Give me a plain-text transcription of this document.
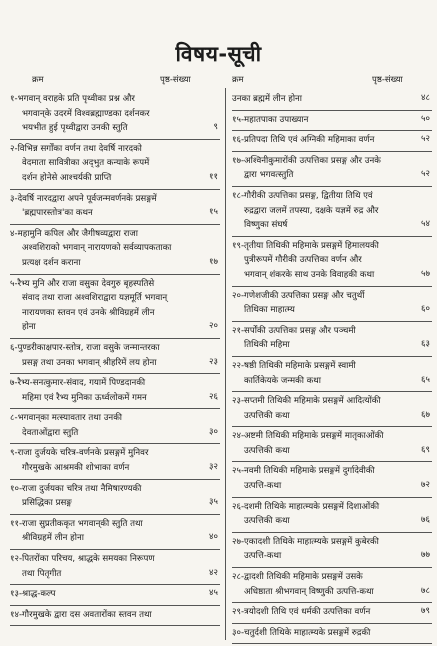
विषय-सूची
क्रम	पृष्ठ-संख्या	क्रम	पृष्ठ-संख्या
१-भगवान् वराहके प्रति पृथ्वीका प्रश्न और
भगवान्‌के उदरमें विश्वब्रह्माण्डका दर्शनकर
भयभीत हुई पृथ्वीद्वारा उनकी स्तुति	९
२-विभिन्न सर्गोंका वर्णन तथा देवर्षि नारदको
वेदमाता सावित्रीका अद्‌भुत कन्याके रूपमें
दर्शन होनेसे आश्चर्यकी प्राप्ति	११
३-देवर्षि नारदद्वारा अपने पूर्वजन्मवर्णनके प्रसङ्गमें
'ब्रह्मपारस्तोत्र'का कथन	१५
४-महामुनि कपिल और जैगीषव्यद्वारा राजा
अश्वशिराको भगवान् नारायणको सर्वव्यापकताका
प्रत्यक्ष दर्शन कराना	१७
५-रैभ्य मुनि और राजा वसुका देवगुरु बृहस्पतिसे
संवाद तथा राजा अश्वशिराद्वारा यज्ञमूर्ति भगवान्
नारायणका स्तवन एवं उनके श्रीविग्रहमें लीन
होना	२०
६-पुण्डरीकाक्षपार-स्तोत्र, राजा वसुके जन्मान्तरका
प्रसङ्ग तथा उनका भगवान् श्रीहरिमें लय होना	२३
७-रैभ्य-सनत्कुमार-संवाद, गयामें पिण्डदानकी
महिमा एवं रैभ्य मुनिका ऊर्ध्वलोकमें गमन	२६
८-भगवान्‌का मत्स्यावतार तथा उनकी
देवताओंद्वारा स्तुति	३०
९-राजा दुर्जयके चरित्र-वर्णनके प्रसङ्गमें मुनिवर
गौरमुखके आश्रमकी शोभाका वर्णन	३२
१०-राजा दुर्जयका चरित्र तथा नैमिषारण्यकी
प्रसिद्धिका प्रसङ्ग	३५
११-राजा सुप्रतीककृत भगवान्‌की स्तुति तथा
श्रीविग्रहमें लीन होना	४०
१२-पितरोंका परिचय, श्राद्धके समयका निरूपण
तथा पितृगीत	४२
१३-श्राद्ध-कल्प	४५
१४-गौरमुखके द्वारा दस अवतारोंका स्तवन तथा
उनका ब्रह्ममें लीन होना	४८
१५-महातपाका उपाख्यान	५०
१६-प्रतिपदा तिथि एवं अग्निकी महिमाका वर्णन	५२
१७-अश्विनीकुमारोंकी उत्पत्तिका प्रसङ्ग और उनके
द्वारा भगवत्स्तुति	५२
१८-गौरीकी उत्पत्तिका प्रसङ्ग, द्वितीया तिथि एवं
रुद्रद्वारा जलमें तपस्या, दक्षके यज्ञमें रुद्र और
विष्णुका संघर्ष	५४
१९-तृतीया तिथिकी महिमाके प्रसङ्गमें हिमालयकी
पुत्रीरूपमें गौरीकी उत्पत्तिका वर्णन और
भगवान् शंकरके साथ उनके विवाहकी कथा	५७
२०-गणेशजीकी उत्पत्तिका प्रसङ्ग और चतुर्थी
तिथिका माहात्म्य	६०
२१-सर्पोंकी उत्पत्तिका प्रसङ्ग और पञ्चमी
तिथिकी महिमा	६३
२२-षष्ठी तिथिकी महिमाके प्रसङ्गमें स्वामी
कार्तिकेयके जन्मकी कथा	६५
२३-सप्तमी तिथिकी महिमाके प्रसङ्गमें आदित्योंकी
उत्पत्तिकी कथा	६७
२४-अष्टमी तिथिकी महिमाके प्रसङ्गमें मातृकाओंकी
उत्पत्तिकी कथा	६९
२५-नवमी तिथिकी महिमाके प्रसङ्गमें दुर्गादेवीकी
उत्पत्ति-कथा	७२
२६-दशमी तिथिके माहात्म्यके प्रसङ्गमें दिशाओंकी
उत्पत्तिकी कथा	७६
२७-एकादशी तिथिके माहात्म्यके प्रसङ्गमें कुबेरकी
उत्पत्ति-कथा	७७
२८-द्वादशी तिथिकी महिमाके प्रसङ्गमें उसके
अधिष्ठाता श्रीभगवान् विष्णुकी उत्पत्ति-कथा	७८
२९-त्रयोदशी तिथि एवं धर्मकी उत्पत्तिका वर्णन	७९
३०-चतुर्दशी तिथिके माहात्म्यके प्रसङ्गमें रुद्रकी
